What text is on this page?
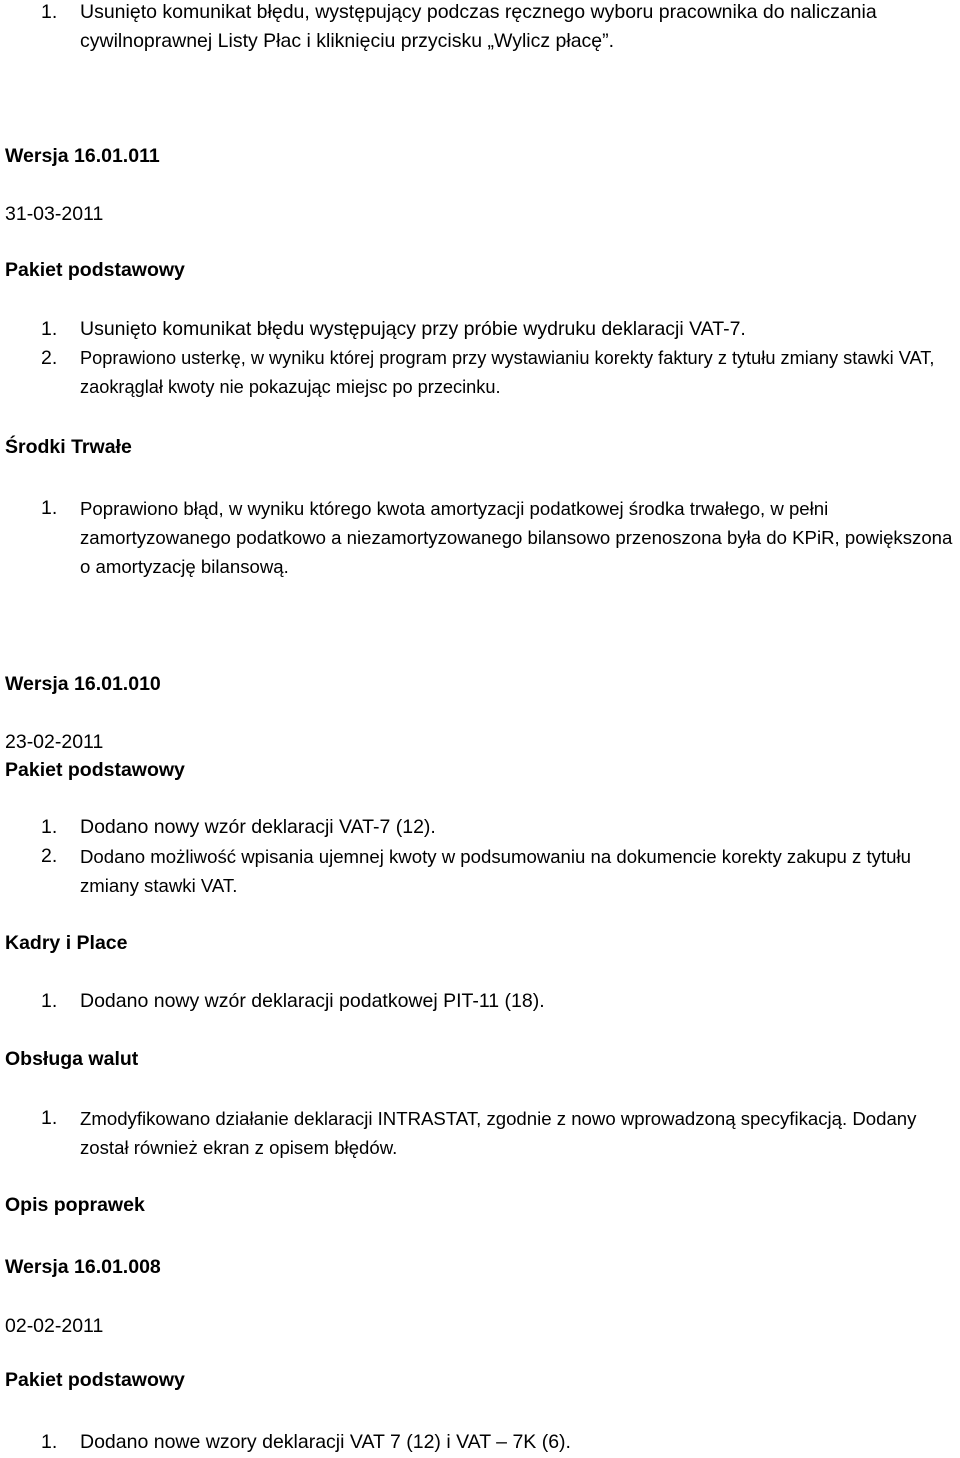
1. Usunięto komunikat błędu, występujący podczas ręcznego wyboru pracownika do naliczania cywilnoprawnej Listy Płac i kliknięciu przycisku „Wylicz płacę”.
Wersja 16.01.011
31-03-2011
Pakiet podstawowy
1. Usunięto komunikat błędu występujący przy próbie wydruku deklaracji VAT-7.
2. Poprawiono usterkę, w wyniku której program przy wystawianiu korekty faktury z tytułu zmiany stawki VAT, zaokrąglał kwoty nie pokazując miejsc po przecinku.
Środki Trwałe
1. Poprawiono błąd, w wyniku którego kwota amortyzacji podatkowej środka trwałego, w pełni zamortyzowanego podatkowo a niezamortyzowanego bilansowo przenoszona była do KPiR, powiększona o amortyzację bilansową.
Wersja 16.01.010
23-02-2011
Pakiet podstawowy
1. Dodano nowy wzór deklaracji VAT-7 (12).
2. Dodano możliwość wpisania ujemnej kwoty w podsumowaniu na dokumencie korekty zakupu z tytułu zmiany stawki VAT.
Kadry i Place
1. Dodano nowy wzór deklaracji podatkowej PIT-11 (18).
Obsługa walut
1. Zmodyfikowano działanie deklaracji INTRASTAT, zgodnie z nowo wprowadzoną specyfikacją. Dodany został również ekran z opisem błędów.
Opis poprawek
Wersja 16.01.008
02-02-2011
Pakiet podstawowy
1. Dodano nowe wzory deklaracji VAT 7 (12) i VAT – 7K (6).
